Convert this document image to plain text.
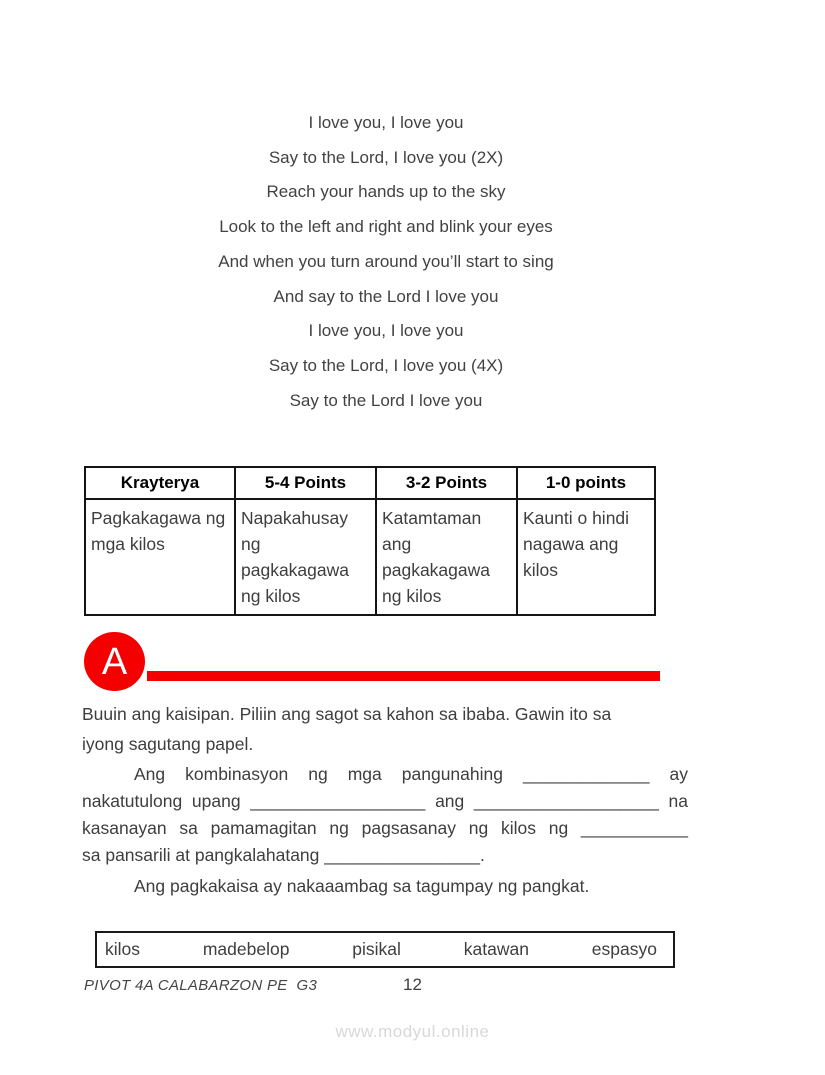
I love you, I love you
Say to the Lord, I love you (2X)
Reach your hands up to the sky
Look to the left and right and blink your eyes
And when you turn around you’ll start to sing
And say to the Lord I love you
I love you, I love you
Say to the Lord, I love you (4X)
Say to the Lord I love you
Krayterya	5-4 Points	3-2 Points	1-0 points
Pagkakagawa ng mga kilos	Napakahusay ng pagkakagawa ng kilos	Katamtaman ang pagkakagawa ng kilos	Kaunti o hindi nagawa ang kilos
A
Buuin ang kaisipan. Piliin ang sagot sa kahon sa ibaba. Gawin ito sa
iyong sagutang papel.
Ang kombinasyon ng mga pangunahing _____________ ay
nakatutulong upang __________________ ang ___________________ na
kasanayan sa pamamagitan ng pagsasanay ng kilos ng ___________
sa pansarili at pangkalahatang ________________.
Ang pagkakaisa ay nakaaambag sa tagumpay ng pangkat.
kilos	madebelop	pisikal	katawan	espasyo
PIVOT 4A CALABARZON PE  G3	12
www.modyul.online
